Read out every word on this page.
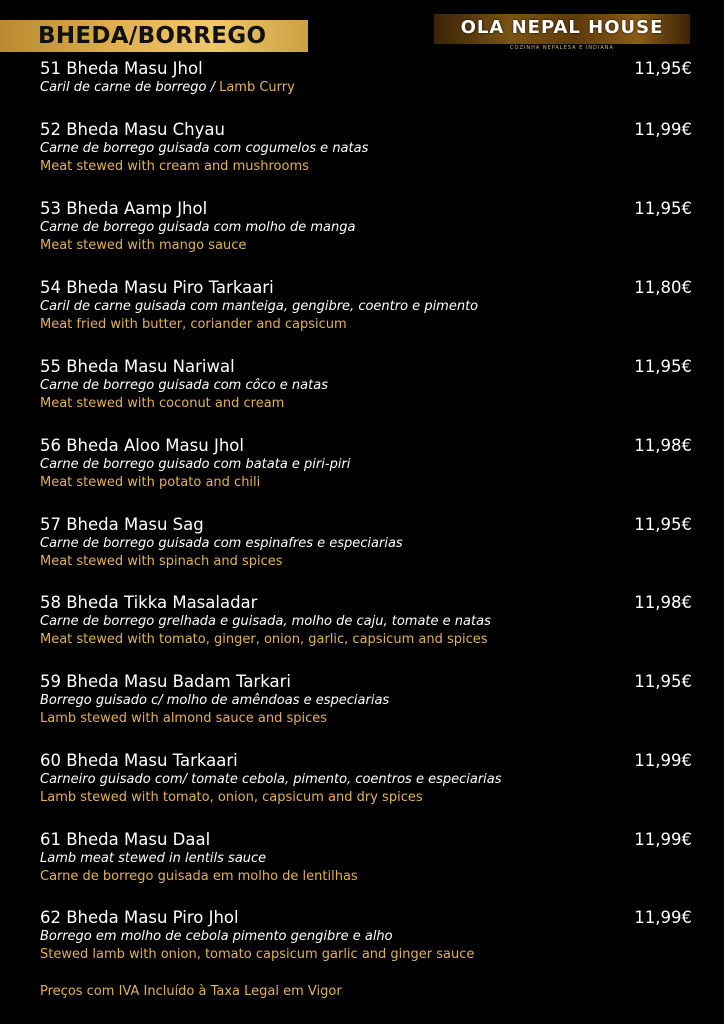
BHEDA/BORREGO	OLA NEPAL HOUSE
COZINHA NEPALESA E INDIANA
51 Bheda Masu Jhol	11,95€
Caril de carne de borrego / Lamb Curry
52 Bheda Masu Chyau	11,99€
Carne de borrego guisada com cogumelos e natas
Meat stewed with cream and mushrooms
53 Bheda Aamp Jhol	11,95€
Carne de borrego guisada com molho de manga
Meat stewed with mango sauce
54 Bheda Masu Piro Tarkaari	11,80€
Caril de carne guisada com manteiga, gengibre, coentro e pimento
Meat fried with butter, coriander and capsicum
55 Bheda Masu Nariwal	11,95€
Carne de borrego guisada com côco e natas
Meat stewed with coconut and cream
56 Bheda Aloo Masu Jhol	11,98€
Carne de borrego guisado com batata e piri-piri
Meat stewed with potato and chili
57 Bheda Masu Sag	11,95€
Carne de borrego guisada com espinafres e especiarias
Meat stewed with spinach and spices
58 Bheda Tikka Masaladar	11,98€
Carne de borrego grelhada e guisada, molho de caju, tomate e natas
Meat stewed with tomato, ginger, onion, garlic, capsicum and spices
59 Bheda Masu Badam Tarkari	11,95€
Borrego guisado c/ molho de amêndoas e especiarias
Lamb stewed with almond sauce and spices
60 Bheda Masu Tarkaari	11,99€
Carneiro guisado com/ tomate cebola, pimento, coentros e especiarias
Lamb stewed with tomato, onion, capsicum and dry spices
61 Bheda Masu Daal	11,99€
Lamb meat stewed in lentils sauce
Carne de borrego guisada em molho de lentilhas
62 Bheda Masu Piro Jhol	11,99€
Borrego em molho de cebola pimento gengibre e alho
Stewed lamb with onion, tomato capsicum garlic and ginger sauce
Preços com IVA Incluído à Taxa Legal em Vigor
